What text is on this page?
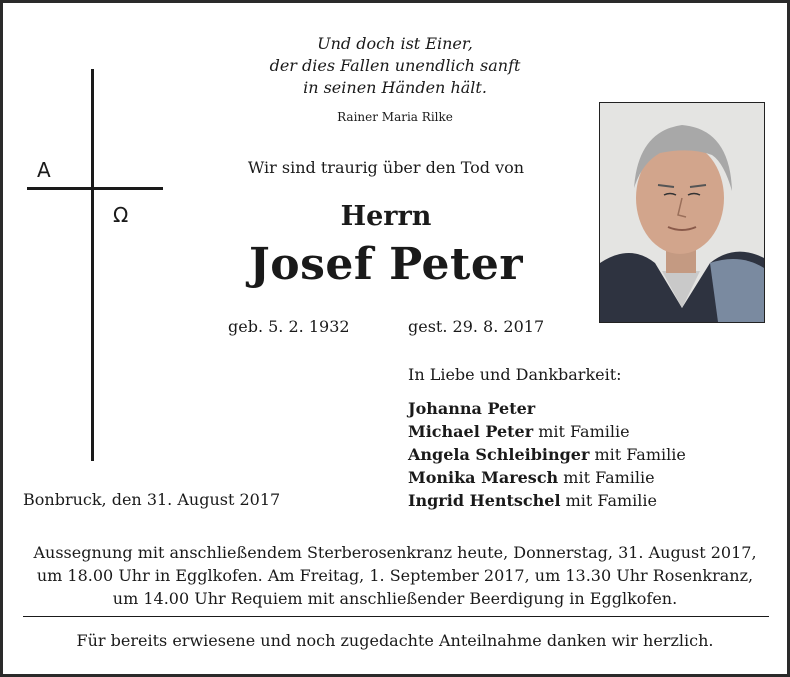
Und doch ist Einer,
der dies Fallen unendlich sanft
in seinen Händen hält.
Rainer Maria Rilke
A
Ω
Wir sind traurig über den Tod von
Herrn
Josef Peter
geb. 5. 2. 1932	gest. 29. 8. 2017
In Liebe und Dankbarkeit:
Johanna Peter
Michael Peter mit Familie
Angela Schleibinger mit Familie
Monika Maresch mit Familie
Ingrid Hentschel mit Familie
Bonbruck, den 31. August 2017
Aussegnung mit anschließendem Sterberosenkranz heute, Donnerstag, 31. August 2017,
um 18.00 Uhr in Egglkofen. Am Freitag, 1. September 2017, um 13.30 Uhr Rosenkranz,
um 14.00 Uhr Requiem mit anschließender Beerdigung in Egglkofen.
Für bereits erwiesene und noch zugedachte Anteilnahme danken wir herzlich.
